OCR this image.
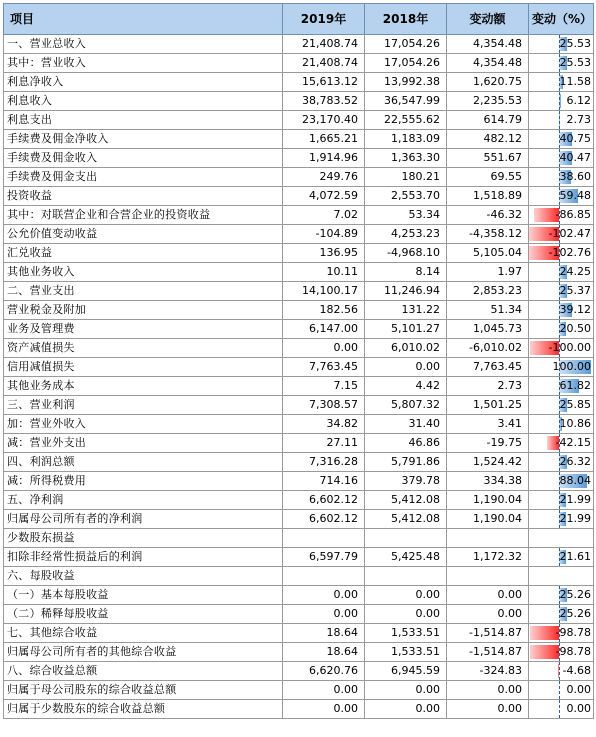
项目	2019年	2018年	变动额	变动（%）
一、营业总收入	21,408.74	17,054.26	4,354.48	25.53
其中：营业收入	21,408.74	17,054.26	4,354.48	25.53
利息净收入	15,613.12	13,992.38	1,620.75	11.58
利息收入	38,783.52	36,547.99	2,235.53	6.12
利息支出	23,170.40	22,555.62	614.79	2.73
手续费及佣金净收入	1,665.21	1,183.09	482.12	40.75
手续费及佣金收入	1,914.96	1,363.30	551.67	40.47
手续费及佣金支出	249.76	180.21	69.55	38.60
投资收益	4,072.59	2,553.70	1,518.89	59.48
其中：对联营企业和合营企业的投资收益	7.02	53.34	-46.32	-86.85
公允价值变动收益	-104.89	4,253.23	-4,358.12	-102.47
汇兑收益	136.95	-4,968.10	5,105.04	-102.76
其他业务收入	10.11	8.14	1.97	24.25
二、营业支出	14,100.17	11,246.94	2,853.23	25.37
营业税金及附加	182.56	131.22	51.34	39.12
业务及管理费	6,147.00	5,101.27	1,045.73	20.50
资产减值损失	0.00	6,010.02	-6,010.02	-100.00
信用减值损失	7,763.45	0.00	7,763.45	100.00
其他业务成本	7.15	4.42	2.73	61.82
三、营业利润	7,308.57	5,807.32	1,501.25	25.85
加：营业外收入	34.82	31.40	3.41	10.86
减：营业外支出	27.11	46.86	-19.75	-42.15
四、利润总额	7,316.28	5,791.86	1,524.42	26.32
减：所得税费用	714.16	379.78	334.38	88.04
五、净利润	6,602.12	5,412.08	1,190.04	21.99
归属母公司所有者的净利润	6,602.12	5,412.08	1,190.04	21.99
少数股东损益				
扣除非经常性损益后的利润	6,597.79	5,425.48	1,172.32	21.61
六、每股收益				
（一）基本每股收益	0.00	0.00	0.00	25.26
（二）稀释每股收益	0.00	0.00	0.00	25.26
七、其他综合收益	18.64	1,533.51	-1,514.87	-98.78
归属母公司所有者的其他综合收益	18.64	1,533.51	-1,514.87	-98.78
八、综合收益总额	6,620.76	6,945.59	-324.83	-4.68
归属于母公司股东的综合收益总额	0.00	0.00	0.00	0.00
归属于少数股东的综合收益总额	0.00	0.00	0.00	0.00
